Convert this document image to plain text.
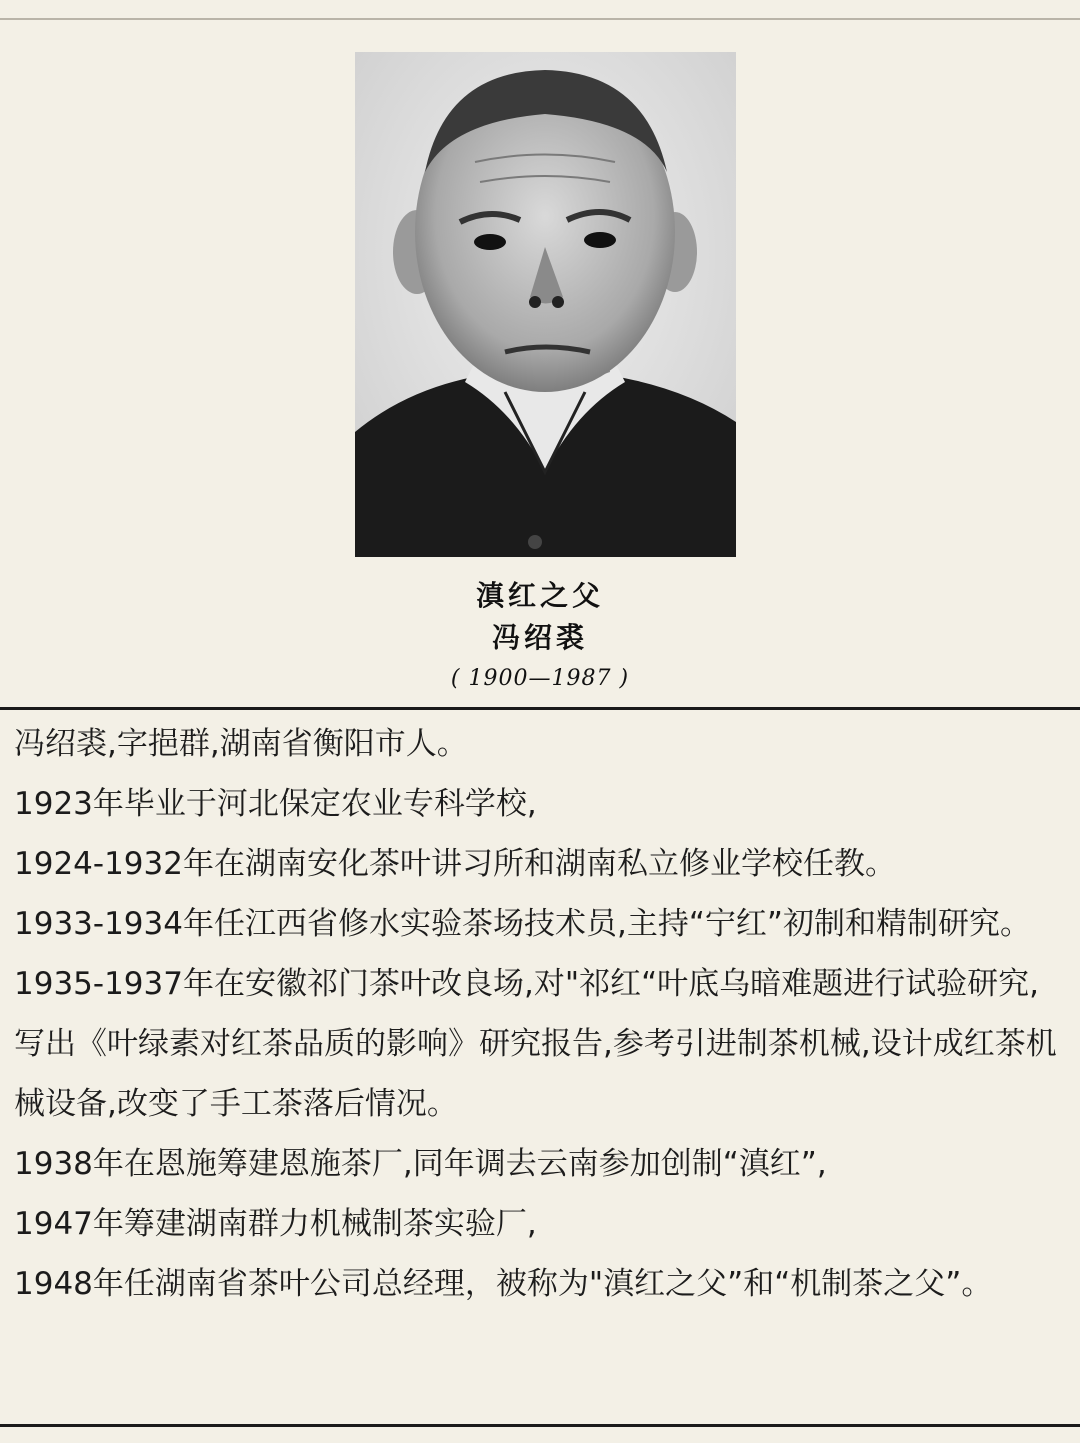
滇红之父
冯绍裘
( 1900—1987 )

冯绍裘,字挹群,湖南省衡阳市人。

1923年毕业于河北保定农业专科学校,

1924-1932年在湖南安化茶叶讲习所和湖南私立修业学校任教。

1933-1934年任江西省修水实验茶场技术员,主持“宁红”初制和精制研究。

1935-1937年在安徽祁门茶叶改良场,对"祁红“叶底乌暗难题进行试验研究,写出《叶绿素对红茶品质的影响》研究报告,参考引进制茶机械,设计成红茶机械设备,改变了手工茶落后情况。

1938年在恩施筹建恩施茶厂,同年调去云南参加创制“滇红”,

1947年筹建湖南群力机械制茶实验厂,

1948年任湖南省茶叶公司总经理，被称为"滇红之父”和“机制茶之父”。
